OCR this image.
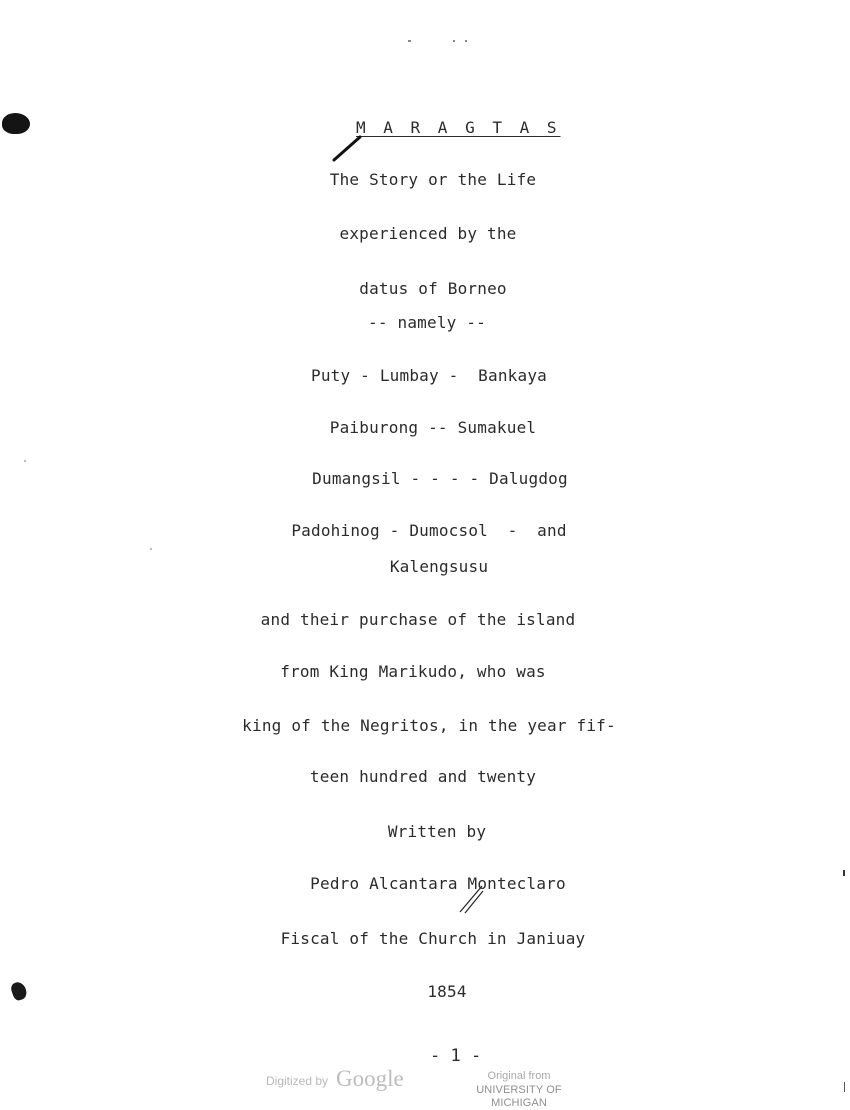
M A R A G T A S
The Story or the Life
experienced by the
datus of Borneo
-- namely --
Puty - Lumbay -  Bankaya
Paiburong -- Sumakuel
Dumangsil - - - - Dalugdog
Padohinog - Dumocsol  -  and
Kalengsusu
and their purchase of the island
from King Marikudo, who was
king of the Negritos, in the year fif-
teen hundred and twenty
Written by
Pedro Alcantara Monteclaro
Fiscal of the Church in Janiuay
1854
- 1 -
Digitized by Google	Original from
UNIVERSITY OF MICHIGAN
